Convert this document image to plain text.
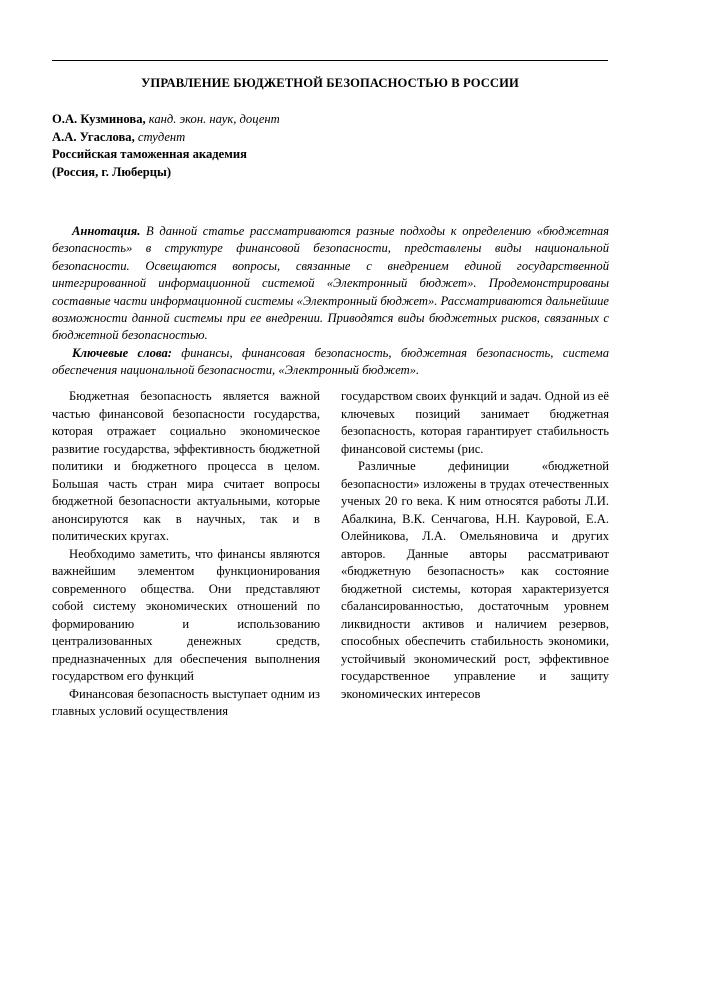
УПРАВЛЕНИЕ БЮДЖЕТНОЙ БЕЗОПАСНОСТЬЮ В РОССИИ
О.А. Кузминова, канд. экон. наук, доцент
А.А. Угаслова, студент
Российская таможенная академия
(Россия, г. Люберцы)

Аннотация. В данной статье рассматриваются разные подходы к определению «бюджетная безопасность» в структуре финансовой безопасности, представлены виды национальной безопасности. Освещаются вопросы, связанные с внедрением единой государственной интегрированной информационной системой «Электронный бюджет». Продемонстрированы составные части информационной системы «Электронный бюджет». Рассматриваются дальнейшие возможности данной системы при ее внедрении. Приводятся виды бюджетных рисков, связанных с бюджетной безопасностью.

Ключевые слова: финансы, финансовая безопасность, бюджетная безопасность, система обеспечения национальной безопасности, «Электронный бюджет».

Бюджетная безопасность является важной частью финансовой безопасности государства, которая отражает социально экономическое развитие государства, эффективность бюджетной политики и бюджетного процесса в целом. Большая часть стран мира считает вопросы бюджетной безопасности актуальными, которые анонсируются как в научных, так и в политических кругах.

Необходимо заметить, что финансы являются важнейшим элементом функционирования современного общества. Они представляют собой систему экономических отношений по формированию и использованию централизованных денежных средств, предназначенных для обеспечения выполнения государством его функций

Финансовая безопасность выступает одним из главных условий осуществления

государством своих функций и задач. Одной из её ключевых позиций занимает бюджетная безопасность, которая гарантирует стабильность финансовой системы (рис.

Различные дефиниции «бюджетной безопасности» изложены в трудах отечественных ученых 20 го века. К ним относятся работы Л.И. Абалкина, В.К. Сенчагова, Н.Н. Кауровой, Е.А. Олейникова, Л.А. Омельяновича и других авторов. Данные авторы рассматривают «бюджетную безопасность» как состояние бюджетной системы, которая характеризуется сбалансированностью, достаточным уровнем ликвидности активов и наличием резервов, способных обеспечить стабильность экономики, устойчивый экономический рост, эффективное государственное управление и защиту экономических интересов
